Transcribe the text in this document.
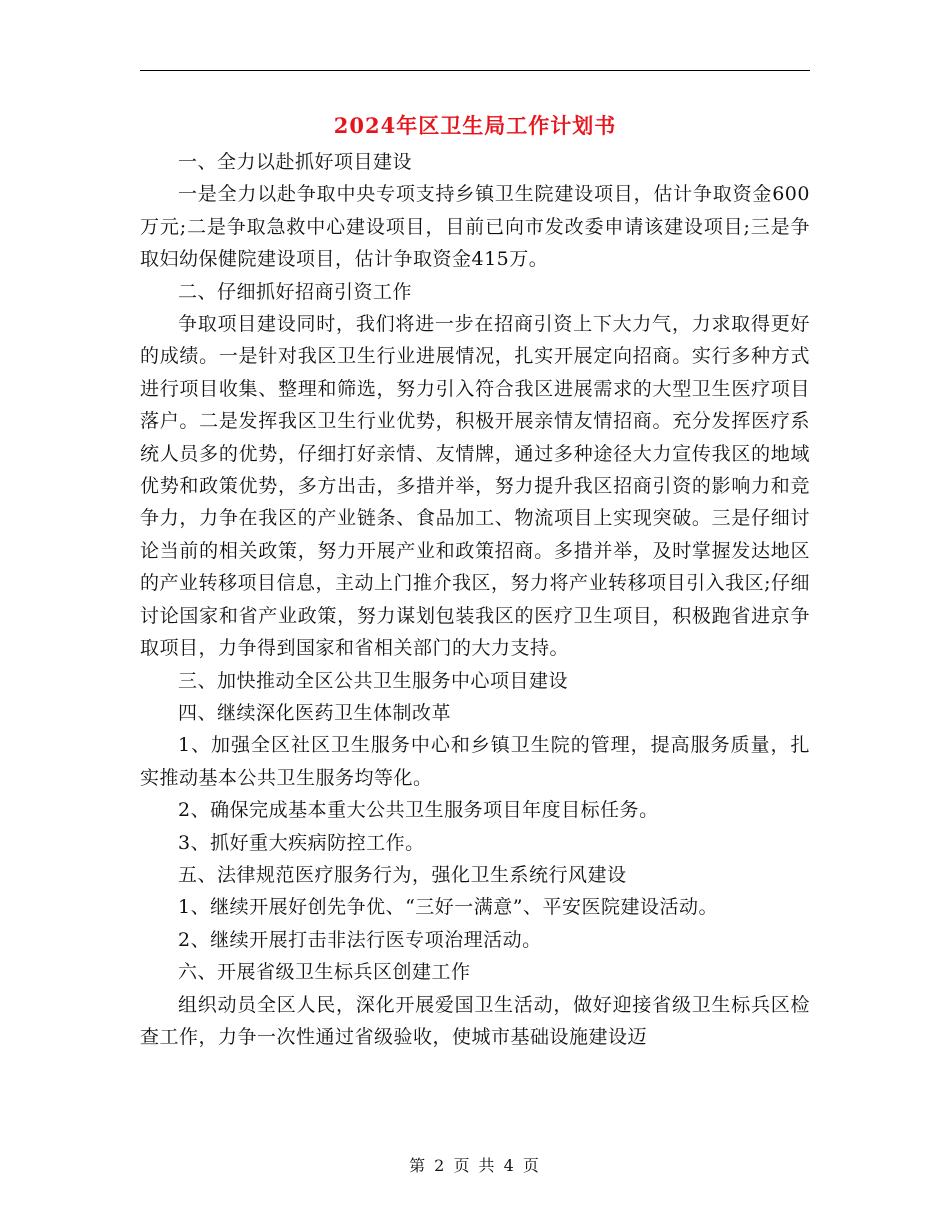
2024年区卫生局工作计划书

一、全力以赴抓好项目建设

一是全力以赴争取中央专项支持乡镇卫生院建设项目，估计争取资金600万元;二是争取急救中心建设项目，目前已向市发改委申请该建设项目;三是争取妇幼保健院建设项目，估计争取资金415万。

二、仔细抓好招商引资工作

争取项目建设同时，我们将进一步在招商引资上下大力气，力求取得更好的成绩。一是针对我区卫生行业进展情况，扎实开展定向招商。实行多种方式进行项目收集、整理和筛选，努力引入符合我区进展需求的大型卫生医疗项目落户。二是发挥我区卫生行业优势，积极开展亲情友情招商。充分发挥医疗系统人员多的优势，仔细打好亲情、友情牌，通过多种途径大力宣传我区的地域优势和政策优势，多方出击，多措并举，努力提升我区招商引资的影响力和竞争力，力争在我区的产业链条、食品加工、物流项目上实现突破。三是仔细讨论当前的相关政策，努力开展产业和政策招商。多措并举，及时掌握发达地区的产业转移项目信息，主动上门推介我区，努力将产业转移项目引入我区;仔细讨论国家和省产业政策，努力谋划包装我区的医疗卫生项目，积极跑省进京争取项目，力争得到国家和省相关部门的大力支持。

三、加快推动全区公共卫生服务中心项目建设

四、继续深化医药卫生体制改革

1、加强全区社区卫生服务中心和乡镇卫生院的管理，提高服务质量，扎实推动基本公共卫生服务均等化。

2、确保完成基本重大公共卫生服务项目年度目标任务。

3、抓好重大疾病防控工作。

五、法律规范医疗服务行为，强化卫生系统行风建设

1、继续开展好创先争优、“三好一满意”、平安医院建设活动。

2、继续开展打击非法行医专项治理活动。

六、开展省级卫生标兵区创建工作

组织动员全区人民，深化开展爱国卫生活动，做好迎接省级卫生标兵区检查工作，力争一次性通过省级验收，使城市基础设施建设迈

第 2 页 共 4 页
